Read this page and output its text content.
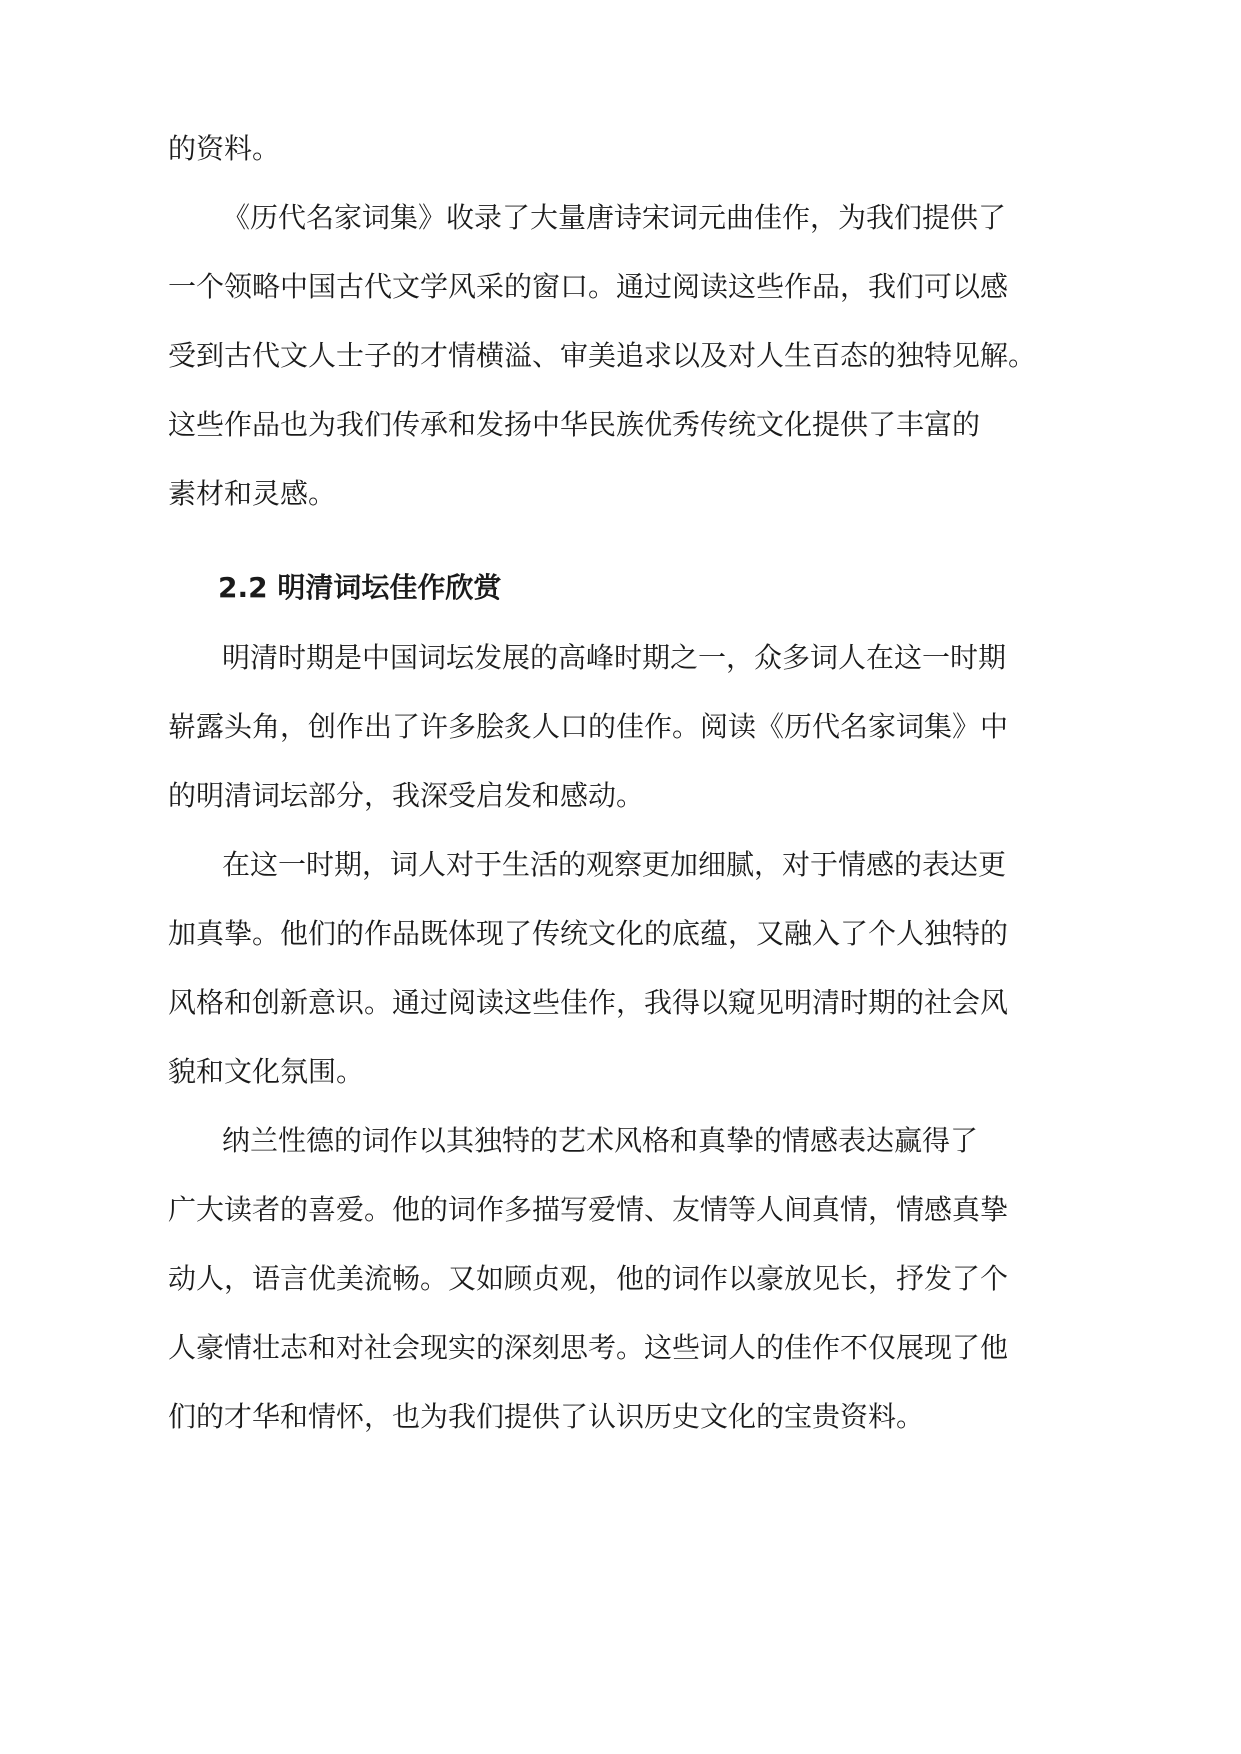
的资料。
《历代名家词集》收录了大量唐诗宋词元曲佳作，为我们提供了
一个领略中国古代文学风采的窗口。通过阅读这些作品，我们可以感
受到古代文人士子的才情横溢、审美追求以及对人生百态的独特见解。
这些作品也为我们传承和发扬中华民族优秀传统文化提供了丰富的
素材和灵感。
2.2 明清词坛佳作欣赏
明清时期是中国词坛发展的高峰时期之一，众多词人在这一时期
崭露头角，创作出了许多脍炙人口的佳作。阅读《历代名家词集》中
的明清词坛部分，我深受启发和感动。
在这一时期，词人对于生活的观察更加细腻，对于情感的表达更
加真挚。他们的作品既体现了传统文化的底蕴，又融入了个人独特的
风格和创新意识。通过阅读这些佳作，我得以窥见明清时期的社会风
貌和文化氛围。
纳兰性德的词作以其独特的艺术风格和真挚的情感表达赢得了
广大读者的喜爱。他的词作多描写爱情、友情等人间真情，情感真挚
动人，语言优美流畅。又如顾贞观，他的词作以豪放见长，抒发了个
人豪情壮志和对社会现实的深刻思考。这些词人的佳作不仅展现了他
们的才华和情怀，也为我们提供了认识历史文化的宝贵资料。
